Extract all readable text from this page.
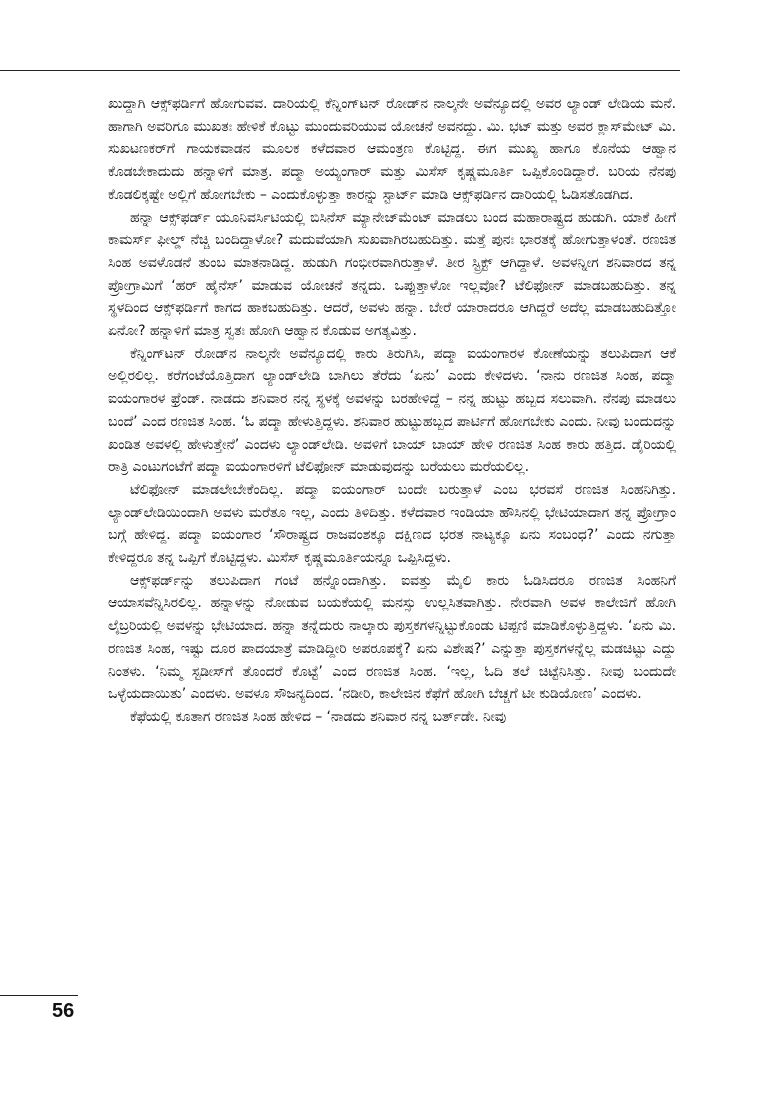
ಖುದ್ದಾಗಿ ಆಕ್ಸ್‌ಫರ್ಡಿಗೆ ಹೋಗುವವ. ದಾರಿಯಲ್ಲಿ ಕೆನ್ನಿಂಗ್‌ಟನ್ ರೋಡ್‌ನ ನಾಲ್ಕನೇ ಅವೆನ್ಯೂದಲ್ಲಿ ಅವರ ಲ್ಯಾಂಡ್ ಲೇಡಿಯ ಮನೆ. ಹಾಗಾಗಿ ಅವರಿಗೂ ಮುಖತಃ ಹೇಳಿಕೆ ಕೊಟ್ಟು ಮುಂದುವರಿಯುವ ಯೋಚನೆ ಅವನದ್ದು. ಮಿ. ಭಟ್ ಮತ್ತು ಅವರ ಕ್ಲಾಸ್‌ಮೇಟ್ ಮಿ. ಸುಖಟಣಕರ್‌ಗೆ ಗಾಯಕವಾಡನ ಮೂಲಕ ಕಳೆದವಾರ ಆಮಂತ್ರಣ ಕೊಟ್ಟಿದ್ದ. ಈಗ ಮುಖ್ಯ ಹಾಗೂ ಕೊನೆಯ ಆಹ್ವಾನ ಕೊಡಬೇಕಾದುದು ಹನ್ನಾಳಿಗೆ ಮಾತ್ರ. ಪದ್ಮಾ ಅಯ್ಯಂಗಾರ್ ಮತ್ತು ಮಿಸೆಸ್ ಕೃಷ್ಣಮೂರ್ತಿ ಒಪ್ಪಿಕೊಂಡಿದ್ದಾರೆ. ಬರಿಯ ನೆನಪು ಕೊಡಲಿಕ್ಕಷ್ಟೇ ಅಲ್ಲಿಗೆ ಹೋಗಬೇಕು – ಎಂದುಕೊಳ್ಳುತ್ತಾ ಕಾರನ್ನು ಸ್ಟಾರ್ಟ್ ಮಾಡಿ ಆಕ್ಸ್‌ಫರ್ಡಿನ ದಾರಿಯಲ್ಲಿ ಓಡಿಸತೊಡಗಿದ.

ಹನ್ನಾ ಆಕ್ಸ್‌ಫರ್ಡ್ ಯೂನಿವರ್ಸಿಟಿಯಲ್ಲಿ ಬಿಸಿನೆಸ್ ಮ್ಯಾನೇಜ್‌ಮೆಂಟ್ ಮಾಡಲು ಬಂದ ಮಹಾರಾಷ್ಟ್ರದ ಹುಡುಗಿ. ಯಾಕೆ ಹೀಗೆ ಕಾಮರ್ಸ್ ಫೀಲ್ಡ್ ನೆಚ್ಚಿ ಬಂದಿದ್ದಾಳೋ? ಮದುವೆಯಾಗಿ ಸುಖವಾಗಿರಬಹುದಿತ್ತು. ಮತ್ತೆ ಪುನಃ ಭಾರತಕ್ಕೆ ಹೋಗುತ್ತಾಳಂತೆ. ರಣಜಿತ ಸಿಂಹ ಅವಳೊಡನೆ ತುಂಬ ಮಾತನಾಡಿದ್ದ. ಹುಡುಗಿ ಗಂಭೀರವಾಗಿರುತ್ತಾಳೆ. ತೀರ ಸ್ಟ್ರಿಕ್ಟ್ ಆಗಿದ್ದಾಳೆ. ಅವಳನ್ನೀಗ ಶನಿವಾರದ ತನ್ನ ಪ್ರೋಗ್ರಾಮಿಗೆ ‘ಹರ್ ಹೈನೆಸ್’ ಮಾಡುವ ಯೋಚನೆ ತನ್ನದು. ಒಪ್ಪುತ್ತಾಳೋ ಇಲ್ಲವೋ? ಟೆಲಿಫೋನ್ ಮಾಡಬಹುದಿತ್ತು. ತನ್ನ ಸ್ಥಳದಿಂದ ಆಕ್ಸ್‌ಫರ್ಡಿಗೆ ಕಾಗದ ಹಾಕಬಹುದಿತ್ತು. ಆದರೆ, ಅವಳು ಹನ್ನಾ. ಬೇರೆ ಯಾರಾದರೂ ಆಗಿದ್ದರೆ ಅದೆಲ್ಲ ಮಾಡಬಹುದಿತ್ತೋ ಏನೋ? ಹನ್ನಾಳಿಗೆ ಮಾತ್ರ ಸ್ವತಃ ಹೋಗಿ ಆಹ್ವಾನ ಕೊಡುವ ಅಗತ್ಯವಿತ್ತು.

ಕೆನ್ನಿಂಗ್‌ಟನ್ ರೋಡ್‌ನ ನಾಲ್ಕನೇ ಅವೆನ್ಯೂದಲ್ಲಿ ಕಾರು ತಿರುಗಿಸಿ, ಪದ್ಮಾ ಐಯಂಗಾರಳ ಕೋಣೆಯನ್ನು ತಲುಪಿದಾಗ ಆಕೆ ಅಲ್ಲಿರಲಿಲ್ಲ. ಕರೆಗಂಟೆಯೊತ್ತಿದಾಗ ಲ್ಯಾಂಡ್‌ಲೇಡಿ ಬಾಗಿಲು ತೆರೆದು ‘ಏನು’ ಎಂದು ಕೇಳಿದಳು. ‘ನಾನು ರಣಜಿತ ಸಿಂಹ, ಪದ್ಮಾ ಐಯಂಗಾರಳ ಫ್ರೆಂಡ್. ನಾಡದು ಶನಿವಾರ ನನ್ನ ಸ್ಥಳಕ್ಕೆ ಅವಳನ್ನು ಬರಹೇಳಿದ್ದೆ – ನನ್ನ ಹುಟ್ಟು ಹಬ್ಬದ ಸಲುವಾಗಿ. ನೆನಪು ಮಾಡಲು ಬಂದೆ’ ಎಂದ ರಣಜಿತ ಸಿಂಹ. ‘ಓ ಪದ್ಮಾ ಹೇಳುತ್ತಿದ್ದಳು. ಶನಿವಾರ ಹುಟ್ಟುಹಬ್ಬದ ಪಾರ್ಟಿಗೆ ಹೋಗಬೇಕು ಎಂದು. ನೀವು ಬಂದುದನ್ನು ಖಂಡಿತ ಅವಳಲ್ಲಿ ಹೇಳುತ್ತೇನೆ’ ಎಂದಳು ಲ್ಯಾಂಡ್‌ಲೇಡಿ. ಅವಳಿಗೆ ಬಾಯ್ ಬಾಯ್ ಹೇಳಿ ರಣಜಿತ ಸಿಂಹ ಕಾರು ಹತ್ತಿದ. ಡೈರಿಯಲ್ಲಿ ರಾತ್ರಿ ಎಂಟುಗಂಟೆಗೆ ಪದ್ಮಾ ಐಯಂಗಾರಳಿಗೆ ಟೆಲಿಫೋನ್ ಮಾಡುವುದನ್ನು ಬರೆಯಲು ಮರೆಯಲಿಲ್ಲ.

ಟೆಲಿಫೋನ್ ಮಾಡಲೇಬೇಕೆಂದಿಲ್ಲ. ಪದ್ಮಾ ಐಯಂಗಾರ್ ಬಂದೇ ಬರುತ್ತಾಳೆ ಎಂಬ ಭರವಸೆ ರಣಜಿತ ಸಿಂಹನಿಗಿತ್ತು. ಲ್ಯಾಂಡ್‌ಲೇಡಿಯಿಂದಾಗಿ ಅವಳು ಮರೆತೂ ಇಲ್ಲ, ಎಂದು ತಿಳಿದಿತ್ತು. ಕಳೆದವಾರ ಇಂಡಿಯಾ ಹೌಸಿನಲ್ಲಿ ಭೇಟಿಯಾದಾಗ ತನ್ನ ಪ್ರೋಗ್ರಾಂ ಬಗ್ಗೆ ಹೇಳಿದ್ದ. ಪದ್ಮಾ ಐಯಂಗಾರ ‘ಸೌರಾಷ್ಟ್ರದ ರಾಜವಂಶಕ್ಕೂ ದಕ್ಷಿಣದ ಭರತ ನಾಟ್ಯಕ್ಕೂ ಏನು ಸಂಬಂಧ?’ ಎಂದು ನಗುತ್ತಾ ಕೇಳಿದ್ದರೂ ತನ್ನ ಒಪ್ಪಿಗೆ ಕೊಟ್ಟಿದ್ದಳು. ಮಿಸೆಸ್ ಕೃಷ್ಣಮೂರ್ತಿಯನ್ನೂ ಒಪ್ಪಿಸಿದ್ದಳು.

ಆಕ್ಸ್‌ಫರ್ಡ್‌ನ್ನು ತಲುಪಿದಾಗ ಗಂಟೆ ಹನ್ನೊಂದಾಗಿತ್ತು. ಐವತ್ತು ಮೈಲಿ ಕಾರು ಓಡಿಸಿದರೂ ರಣಜಿತ ಸಿಂಹನಿಗೆ ಆಯಾಸವೆನ್ನಿಸಿರಲಿಲ್ಲ. ಹನ್ನಾಳನ್ನು ನೋಡುವ ಬಯಕೆಯಲ್ಲಿ ಮನಸ್ಸು ಉಲ್ಲಸಿತವಾಗಿತ್ತು. ನೇರವಾಗಿ ಅವಳ ಕಾಲೇಜಿಗೆ ಹೋಗಿ ಲೈಬ್ರರಿಯಲ್ಲಿ ಅವಳನ್ನು ಭೇಟಿಯಾದ. ಹನ್ನಾ ತನ್ನೆದುರು ನಾಲ್ಕಾರು ಪುಸ್ತಕಗಳನ್ನಿಟ್ಟುಕೊಂಡು ಟಿಪ್ಪಣಿ ಮಾಡಿಕೊಳ್ಳುತ್ತಿದ್ದಳು. ‘ಏನು ಮಿ. ರಣಜಿತ ಸಿಂಹ, ಇಷ್ಟು ದೂರ ಪಾದಯಾತ್ರೆ ಮಾಡಿದ್ದೀರಿ ಅಪರೂಪಕ್ಕೆ? ಏನು ವಿಶೇಷ?’ ಎನ್ನುತ್ತಾ ಪುಸ್ತಕಗಳನ್ನೆಲ್ಲ ಮಡಚಿಟ್ಟು ಎದ್ದು ನಿಂತಳು. ‘ನಿಮ್ಮ ಸ್ಟಡೀಸ್‌ಗೆ ತೊಂದರೆ ಕೊಟ್ಟೆ’ ಎಂದ ರಣಜಿತ ಸಿಂಹ. ‘ಇಲ್ಲ, ಓದಿ ತಲೆ ಚಿಟ್ಟೆನಿಸಿತ್ತು. ನೀವು ಬಂದುದೇ ಒಳ್ಳೆಯದಾಯಿತು’ ಎಂದಳು. ಅವಳೂ ಸೌಜನ್ಯದಿಂದ. ‘ನಡೀರಿ, ಕಾಲೇಜಿನ ಕೆಫೆಗೆ ಹೋಗಿ ಬೆಚ್ಚಗೆ ಟೀ ಕುಡಿಯೋಣ’ ಎಂದಳು.

ಕೆಫೆಯಲ್ಲಿ ಕೂತಾಗ ರಣಜಿತ ಸಿಂಹ ಹೇಳಿದ – ‘ನಾಡದು ಶನಿವಾರ ನನ್ನ ಬರ್ತ್‌ಡೇ. ನೀವು

56
